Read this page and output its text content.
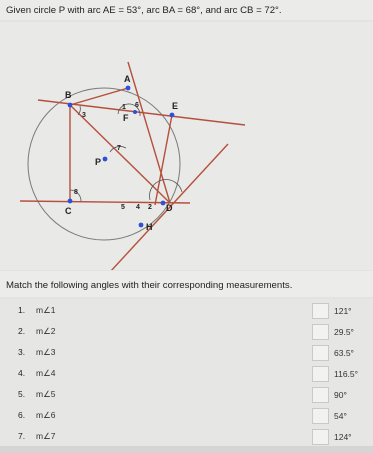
Given circle P with arc AE = 53°, arc BA = 68°, and arc CB = 72°.
A
B
E
F
P
C	D
H
1 6
3
7
8
5 4 2
Match the following angles with their corresponding measurements.
1. m∠1	121°
2. m∠2	29.5°
3. m∠3	63.5°
4. m∠4	116.5°
5. m∠5	90°
6. m∠6	54°
7. m∠7	124°
